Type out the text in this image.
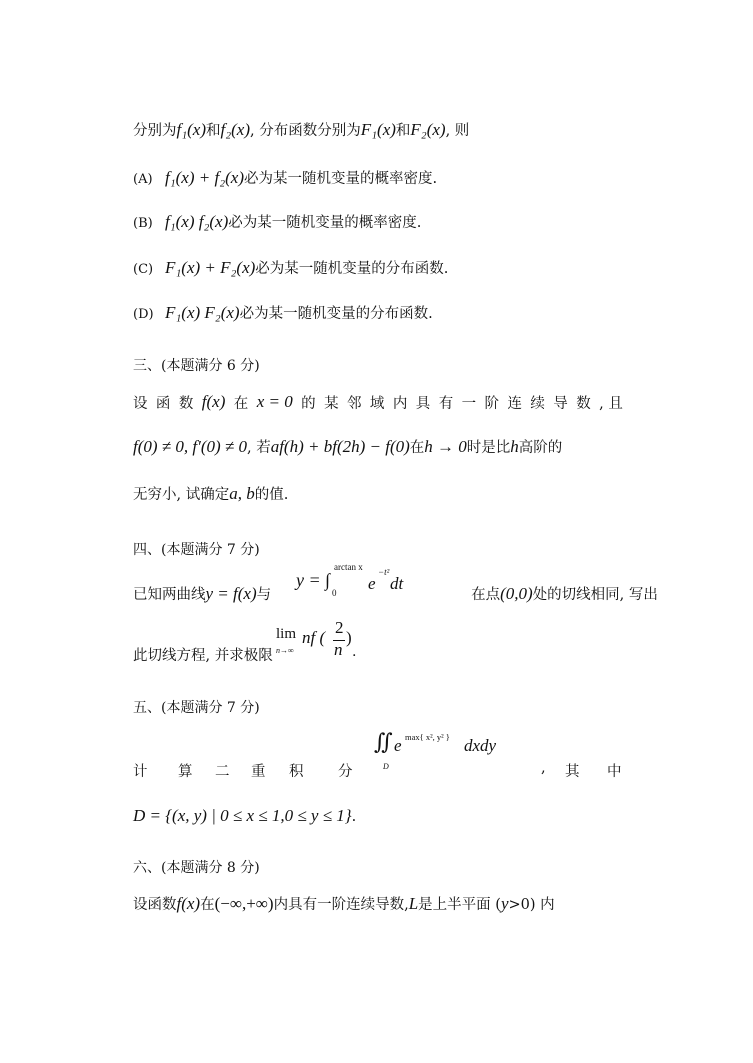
分别为f₁(x)和f₂(x), 分布函数分别为F₁(x)和F₂(x), 则
(A) f₁(x) + f₂(x)必为某一随机变量的概率密度.
(B) f₁(x) f₂(x)必为某一随机变量的概率密度.
(C) F₁(x) + F₂(x)必为某一随机变量的分布函数.
(D) F₁(x) F₂(x)必为某一随机变量的分布函数.
三、(本题满分 6 分)
设 函 数 f(x) 在 x = 0 的 某 邻 域 内 具 有 一 阶 连 续 导 数 , 且
f(0) ≠ 0, f′(0) ≠ 0, 若af(h) + bf(2h) − f(0)在h → 0时是比h高阶的
无穷小, 试确定a, b的值.
四、(本题满分 7 分)
已知两曲线y = f(x)与	在点(0,0)处的切线相同, 写出
y = ∫
arctan x
0 e
−t²
dt
此切线方程, 并求极限
lim
n→∞
nf (
2
n
)
.
五、(本题满分 7 分)
∬
D
e max{ x², y² } dxdy
计 算 二 重 积 分	, 其 中
D = {(x, y) | 0 ≤ x ≤ 1,0 ≤ y ≤ 1}.
六、(本题满分 8 分)
设函数f(x)在(−∞,+∞)内具有一阶连续导数,L是上半平面 (y>0) 内
